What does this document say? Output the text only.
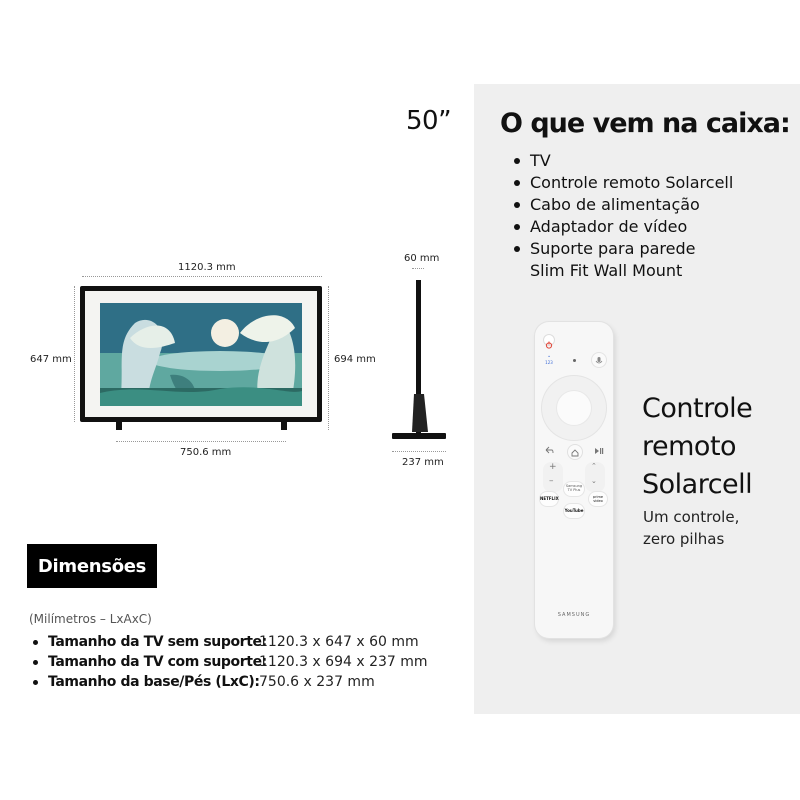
50” O que vem na caixa:
TV
Controle remoto Solarcell
Cabo de alimentação
Adaptador de vídeo
Suporte para parede
Slim Fit Wall Mount
1120.3 mm
647 mm	694 mm
750.6 mm
60 mm
237 mm
•
123
+
–
⌃
⌄
Samsung TV Plus
NETFLIX	prime video
YouTube
SAMSUNG
Controle
remoto
Solarcell
Um controle,
zero pilhas
Dimensões
(Milímetros – LxAxC)
Tamanho da TV sem suporte:1120.3 x 647 x 60 mm
Tamanho da TV com suporte:1120.3 x 694 x 237 mm
Tamanho da base/Pés (LxC):750.6 x 237 mm
